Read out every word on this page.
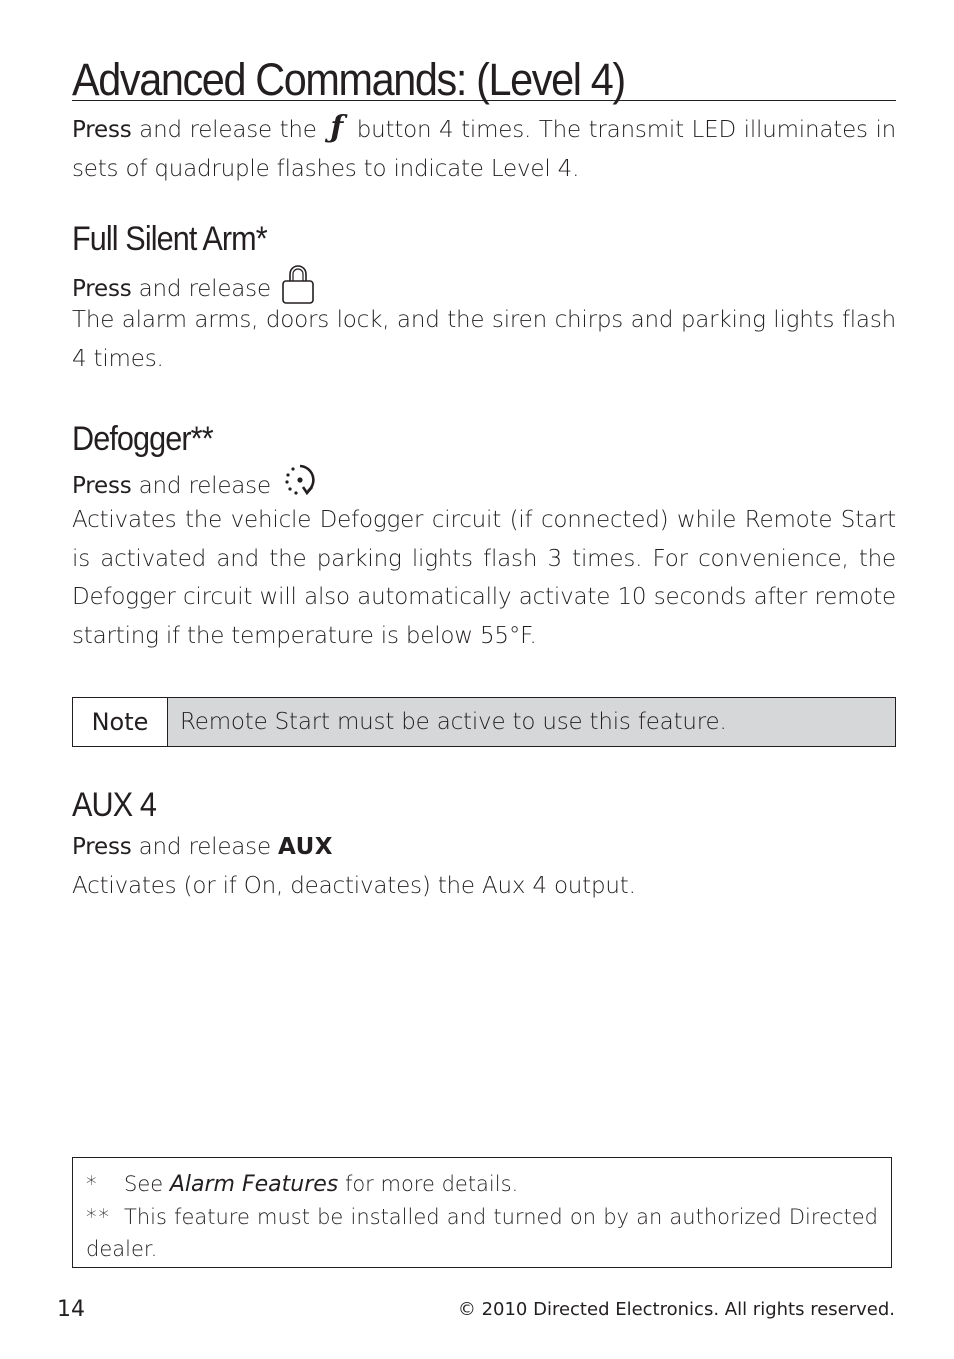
Advanced Commands: (Level 4)

Press and release the ƒ button 4 times. The transmit LED illuminates in sets of quadruple flashes to indicate Level 4.

Full Silent Arm*

Press and release

The alarm arms, doors lock, and the siren chirps and parking lights flash 4 times.

Defogger**

Press and release

Activates the vehicle Defogger circuit (if connected) while Remote Start is activated and the parking lights flash 3 times. For convenience, the Defogger circuit will also automatically activate 10 seconds after remote starting if the temperature is below 55°F.

Note	Remote Start must be active to use this feature.
AUX 4

Press and release AUX

Activates (or if On, deactivates) the Aux 4 output.

* See Alarm Features for more details.

** This feature must be installed and turned on by an authorized Directed dealer.

14	© 2010 Directed Electronics. All rights reserved.
